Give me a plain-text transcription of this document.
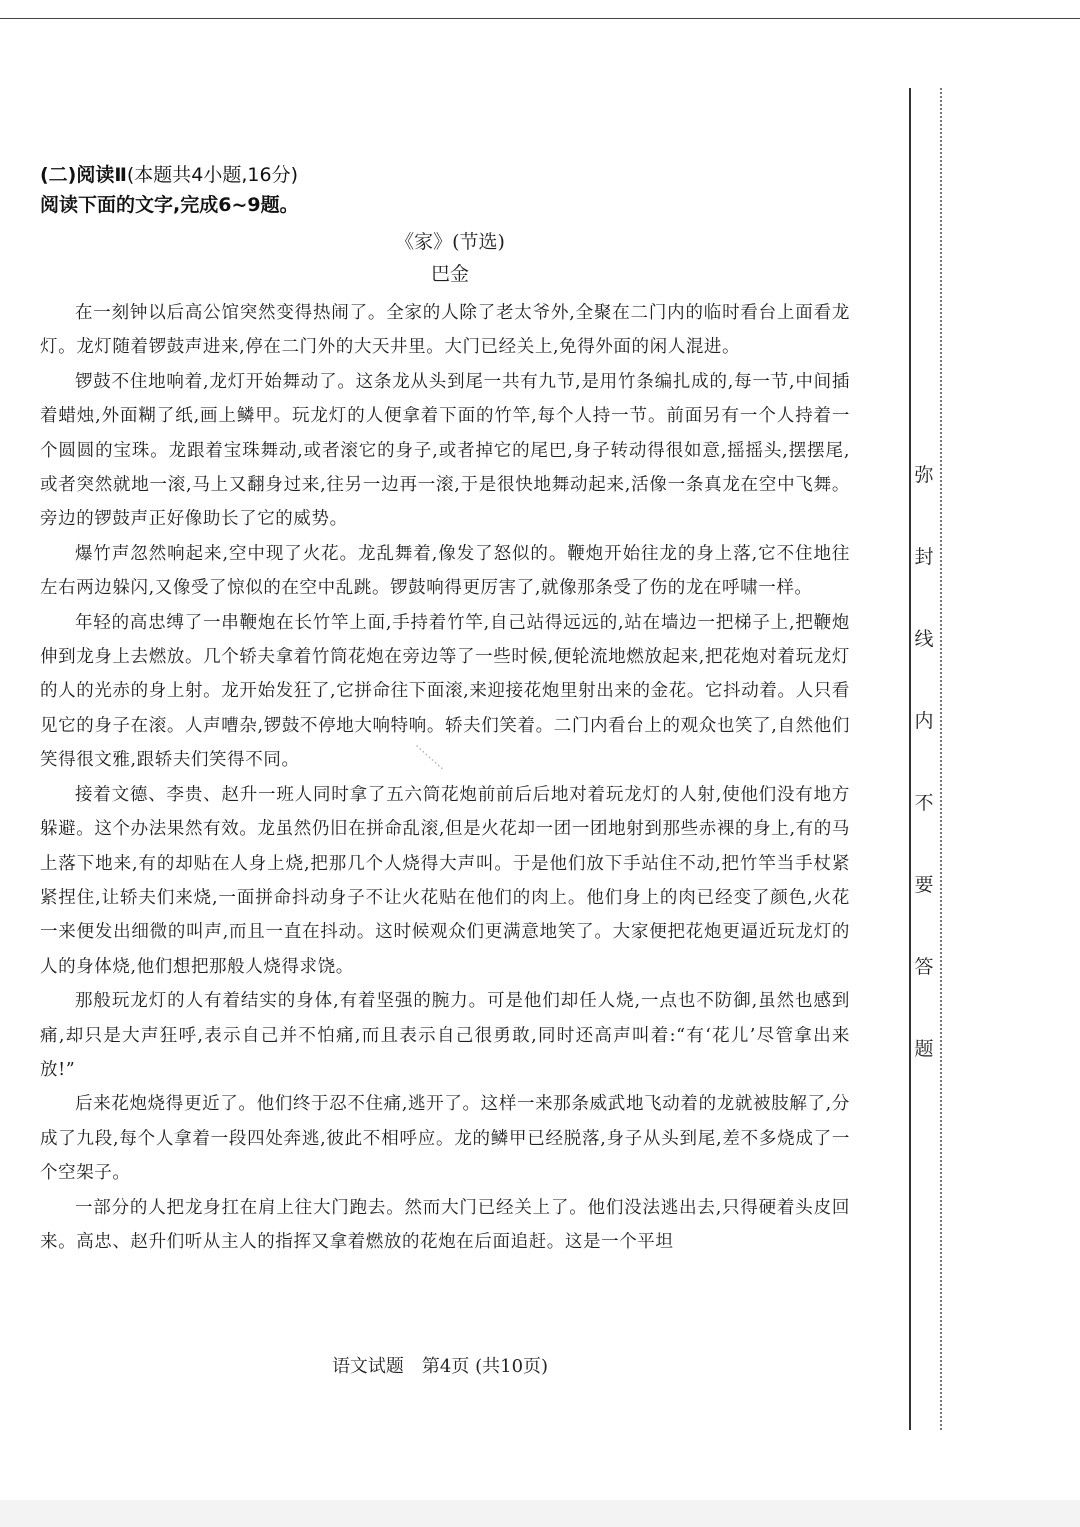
(二)阅读Ⅱ(本题共4小题,16分)

阅读下面的文字,完成6~9题。

《家》(节选)

巴金

在一刻钟以后高公馆突然变得热闹了。全家的人除了老太爷外,全聚在二门内的临时看台上面看龙灯。龙灯随着锣鼓声进来,停在二门外的大天井里。大门已经关上,免得外面的闲人混进。

锣鼓不住地响着,龙灯开始舞动了。这条龙从头到尾一共有九节,是用竹条编扎成的,每一节,中间插着蜡烛,外面糊了纸,画上鳞甲。玩龙灯的人便拿着下面的竹竿,每个人持一节。前面另有一个人持着一个圆圆的宝珠。龙跟着宝珠舞动,或者滚它的身子,或者掉它的尾巴,身子转动得很如意,摇摇头,摆摆尾,或者突然就地一滚,马上又翻身过来,往另一边再一滚,于是很快地舞动起来,活像一条真龙在空中飞舞。旁边的锣鼓声正好像助长了它的威势。

爆竹声忽然响起来,空中现了火花。龙乱舞着,像发了怒似的。鞭炮开始往龙的身上落,它不住地往左右两边躲闪,又像受了惊似的在空中乱跳。锣鼓响得更厉害了,就像那条受了伤的龙在呼啸一样。

年轻的高忠缚了一串鞭炮在长竹竿上面,手持着竹竿,自己站得远远的,站在墙边一把梯子上,把鞭炮伸到龙身上去燃放。几个轿夫拿着竹筒花炮在旁边等了一些时候,便轮流地燃放起来,把花炮对着玩龙灯的人的光赤的身上射。龙开始发狂了,它拼命往下面滚,来迎接花炮里射出来的金花。它抖动着。人只看见它的身子在滚。人声嘈杂,锣鼓不停地大响特响。轿夫们笑着。二门内看台上的观众也笑了,自然他们笑得很文雅,跟轿夫们笑得不同。

接着文德、李贵、赵升一班人同时拿了五六筒花炮前前后后地对着玩龙灯的人射,使他们没有地方躲避。这个办法果然有效。龙虽然仍旧在拼命乱滚,但是火花却一团一团地射到那些赤裸的身上,有的马上落下地来,有的却贴在人身上烧,把那几个人烧得大声叫。于是他们放下手站住不动,把竹竿当手杖紧紧捏住,让轿夫们来烧,一面拼命抖动身子不让火花贴在他们的肉上。他们身上的肉已经变了颜色,火花一来便发出细微的叫声,而且一直在抖动。这时候观众们更满意地笑了。大家便把花炮更逼近玩龙灯的人的身体烧,他们想把那般人烧得求饶。

那般玩龙灯的人有着结实的身体,有着坚强的腕力。可是他们却任人烧,一点也不防御,虽然也感到痛,却只是大声狂呼,表示自己并不怕痛,而且表示自己很勇敢,同时还高声叫着:“有‘花儿’尽管拿出来放!”

后来花炮烧得更近了。他们终于忍不住痛,逃开了。这样一来那条威武地飞动着的龙就被肢解了,分成了九段,每个人拿着一段四处奔逃,彼此不相呼应。龙的鳞甲已经脱落,身子从头到尾,差不多烧成了一个空架子。

一部分的人把龙身扛在肩上往大门跑去。然而大门已经关上了。他们没法逃出去,只得硬着头皮回来。高忠、赵升们听从主人的指挥又拿着燃放的花炮在后面追赶。这是一个平坦

·········
语文试题　第4页 (共10页)
弥
封
线
内
不
要
答
题
